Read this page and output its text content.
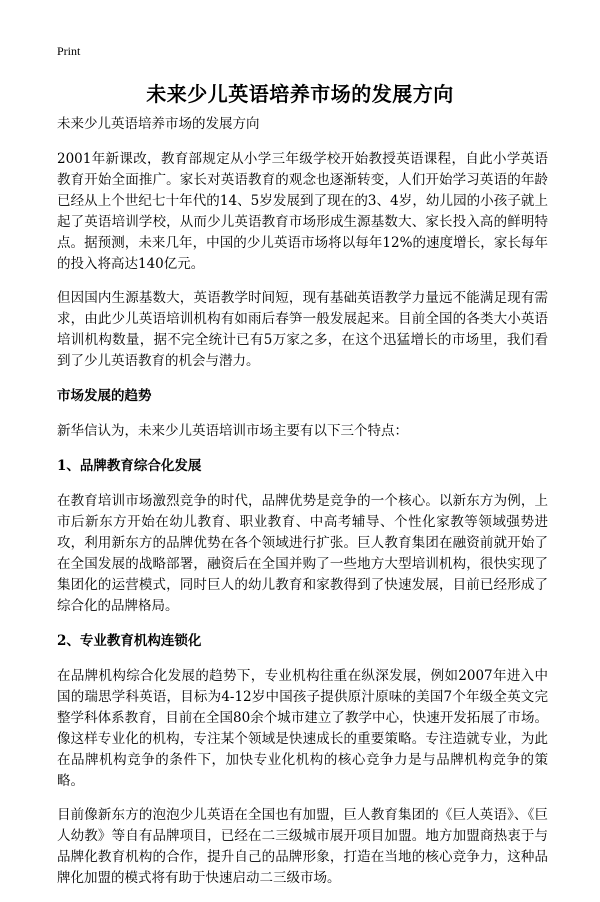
Print
未来少儿英语培养市场的发展方向

未来少儿英语培养市场的发展方向

2001年新课改，教育部规定从小学三年级学校开始教授英语课程，自此小学英语教育开始全面推广。家长对英语教育的观念也逐渐转变，人们开始学习英语的年龄已经从上个世纪七十年代的14、5岁发展到了现在的3、4岁，幼儿园的小孩子就上起了英语培训学校，从而少儿英语教育市场形成生源基数大、家长投入高的鲜明特点。据预测，未来几年，中国的少儿英语市场将以每年12%的速度增长，家长每年的投入将高达140亿元。

但因国内生源基数大，英语教学时间短，现有基础英语教学力量远不能满足现有需求，由此少儿英语培训机构有如雨后春笋一般发展起来。目前全国的各类大小英语培训机构数量，据不完全统计已有5万家之多，在这个迅猛增长的市场里，我们看到了少儿英语教育的机会与潜力。

市场发展的趋势

新华信认为，未来少儿英语培训市场主要有以下三个特点：

1、品牌教育综合化发展

在教育培训市场激烈竞争的时代，品牌优势是竞争的一个核心。以新东方为例，上市后新东方开始在幼儿教育、职业教育、中高考辅导、个性化家教等领域强势进攻，利用新东方的品牌优势在各个领域进行扩张。巨人教育集团在融资前就开始了在全国发展的战略部署，融资后在全国并购了一些地方大型培训机构，很快实现了集团化的运营模式，同时巨人的幼儿教育和家教得到了快速发展，目前已经形成了综合化的品牌格局。

2、专业教育机构连锁化

在品牌机构综合化发展的趋势下，专业机构往重在纵深发展，例如2007年进入中国的瑞思学科英语，目标为4-12岁中国孩子提供原汁原味的美国7个年级全英文完整学科体系教育，目前在全国80余个城市建立了教学中心，快速开发拓展了市场。像这样专业化的机构，专注某个领域是快速成长的重要策略。专注造就专业，为此在品牌机构竞争的条件下，加快专业化机构的核心竞争力是与品牌机构竞争的策略。

目前像新东方的泡泡少儿英语在全国也有加盟，巨人教育集团的《巨人英语》、《巨人幼教》等自有品牌项目，已经在二三级城市展开项目加盟。地方加盟商热衷于与品牌化教育机构的合作，提升自己的品牌形象，打造在当地的核心竞争力，这种品牌化加盟的模式将有助于快速启动二三级市场。
